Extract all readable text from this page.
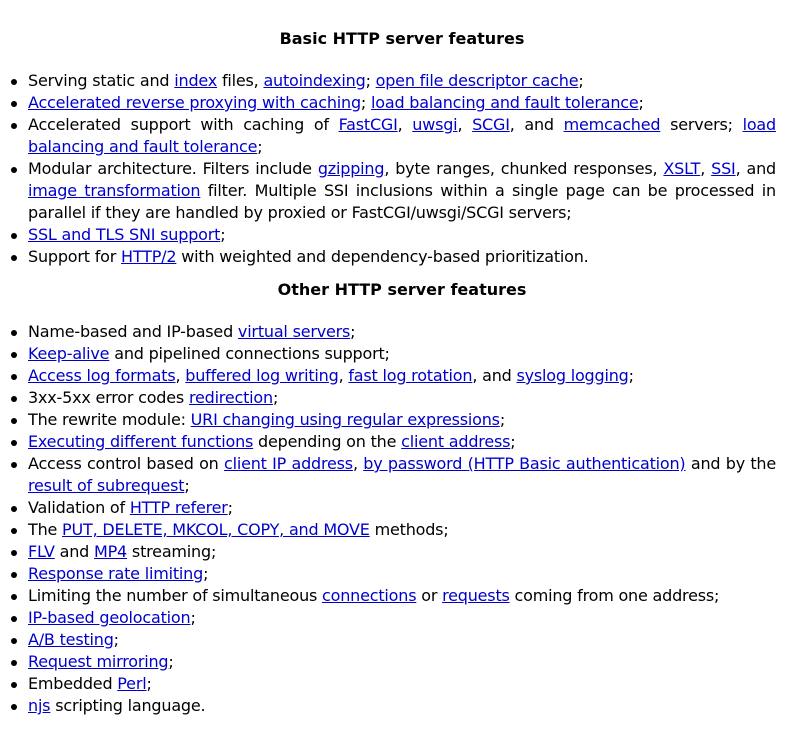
Basic HTTP server features
Serving static and index files, autoindexing; open file descriptor cache;
Accelerated reverse proxying with caching; load balancing and fault tolerance;
Accelerated support with caching of FastCGI, uwsgi, SCGI, and memcached servers; load balancing and fault tolerance;
Modular architecture. Filters include gzipping, byte ranges, chunked responses, XSLT, SSI, and image transformation filter. Multiple SSI inclusions within a single page can be processed in parallel if they are handled by proxied or FastCGI/uwsgi/SCGI servers;
SSL and TLS SNI support;
Support for HTTP/2 with weighted and dependency-based prioritization.
Other HTTP server features
Name-based and IP-based virtual servers;
Keep-alive and pipelined connections support;
Access log formats, buffered log writing, fast log rotation, and syslog logging;
3xx-5xx error codes redirection;
The rewrite module: URI changing using regular expressions;
Executing different functions depending on the client address;
Access control based on client IP address, by password (HTTP Basic authentication) and by the result of subrequest;
Validation of HTTP referer;
The PUT, DELETE, MKCOL, COPY, and MOVE methods;
FLV and MP4 streaming;
Response rate limiting;
Limiting the number of simultaneous connections or requests coming from one address;
IP-based geolocation;
A/B testing;
Request mirroring;
Embedded Perl;
njs scripting language.
